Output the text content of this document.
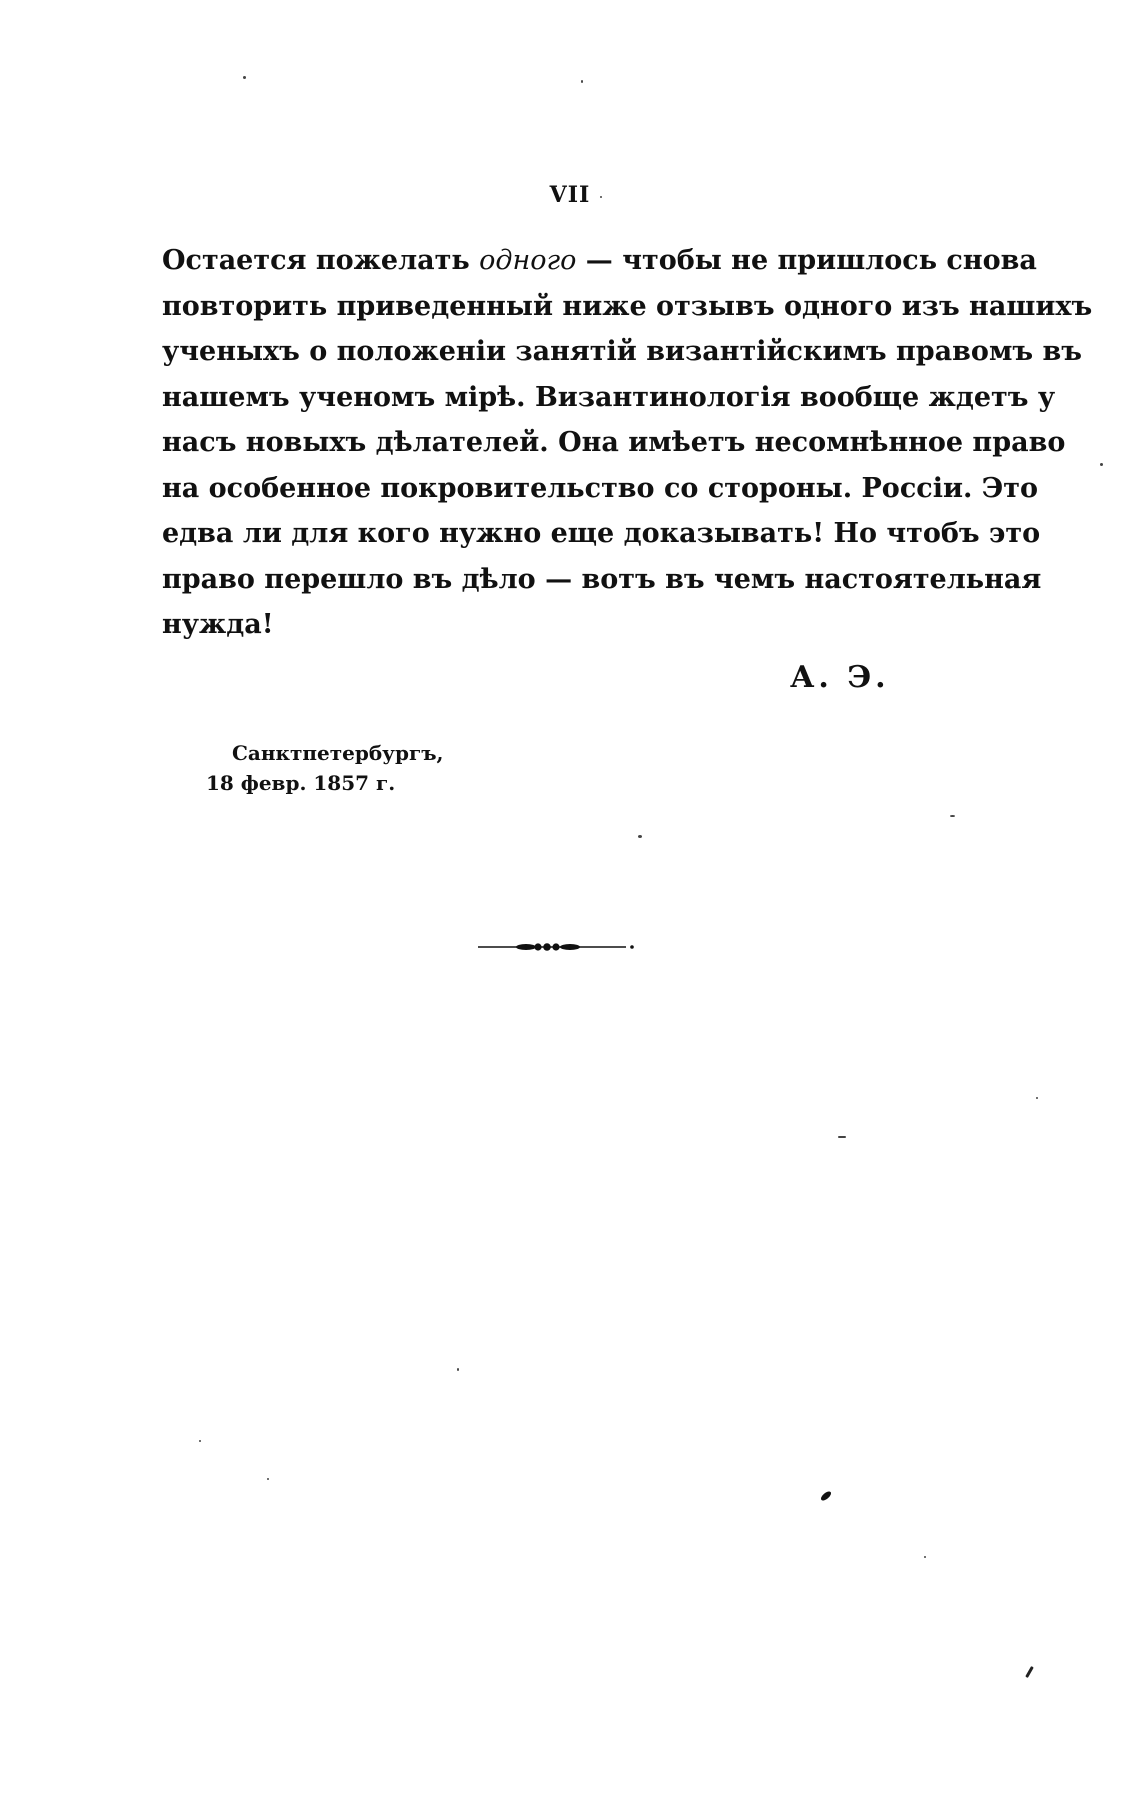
VII
Остается пожелать одного — чтобы не пришлось снова
повторить приведенный ниже отзывъ одного изъ нашихъ
ученыхъ о положеніи занятій византійскимъ правомъ въ
нашемъ ученомъ мірѣ. Византинологія вообще ждетъ у
насъ новыхъ дѣлателей. Она имѣетъ несомнѣнное право
на особенное покровительство со стороны. Россіи. Это
едва ли для кого нужно еще доказывать! Но чтобъ это
право перешло въ дѣло — вотъ въ чемъ настоятельная
нужда!
А. Э.
Санктпетербургъ,
18 февр. 1857 г.
